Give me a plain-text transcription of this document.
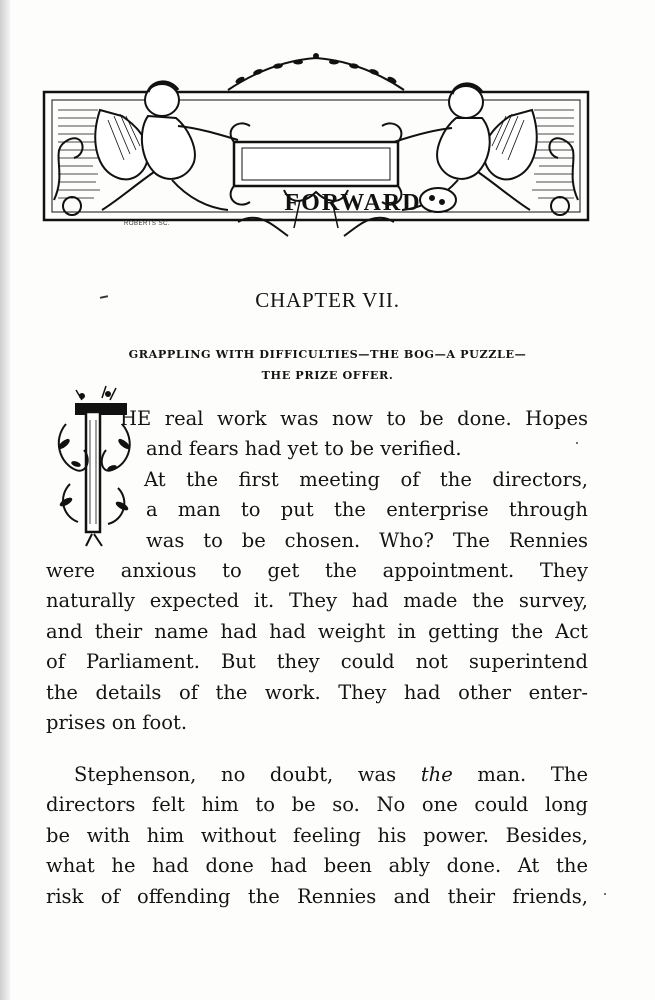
FORWARD
ROBERTS SC.
CHAPTER VII.
GRAPPLING WITH DIFFICULTIES—THE BOG—A PUZZLE—
THE PRIZE OFFER.
HE real work was now to be done. Hopes
and fears had yet to be verified.
At the first meeting of the directors,
a man to put the enterprise through
was to be chosen. Who? The Rennies
were anxious to get the appointment. They
naturally expected it. They had made the survey,
and their name had had weight in getting the Act
of Parliament. But they could not superintend
the details of the work. They had other enter-
prises on foot.
Stephenson, no doubt, was the man. The
directors felt him to be so. No one could long
be with him without feeling his power. Besides,
what he had done had been ably done. At the
risk of offending the Rennies and their friends,
